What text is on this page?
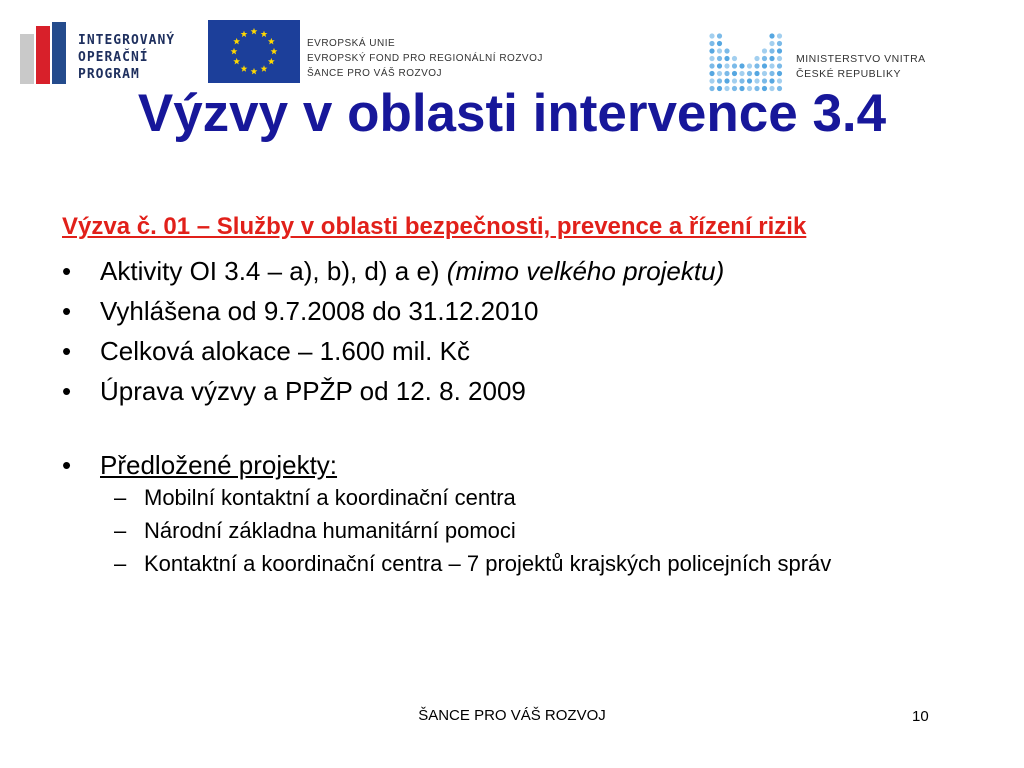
INTEGROVANÝ
OPERAČNÍ
PROGRAM
EVROPSKÁ UNIE
EVROPSKÝ FOND PRO REGIONÁLNÍ ROZVOJ
ŠANCE PRO VÁŠ ROZVOJ
MINISTERSTVO VNITRA
ČESKÉ REPUBLIKY
Výzvy v oblasti intervence 3.4
Výzva č. 01 – Služby v oblasti bezpečnosti, prevence a řízení rizik
• Aktivity OI 3.4 – a), b), d) a e) (mimo velkého projektu)
• Vyhlášena od 9.7.2008 do 31.12.2010
• Celková alokace – 1.600 mil. Kč
• Úprava výzvy a PPŽP od 12. 8. 2009
• Předložené projekty:
– Mobilní kontaktní a koordinační centra
– Národní základna humanitární pomoci
– Kontaktní a koordinační centra – 7 projektů krajských policejních správ
ŠANCE PRO VÁŠ ROZVOJ	10
